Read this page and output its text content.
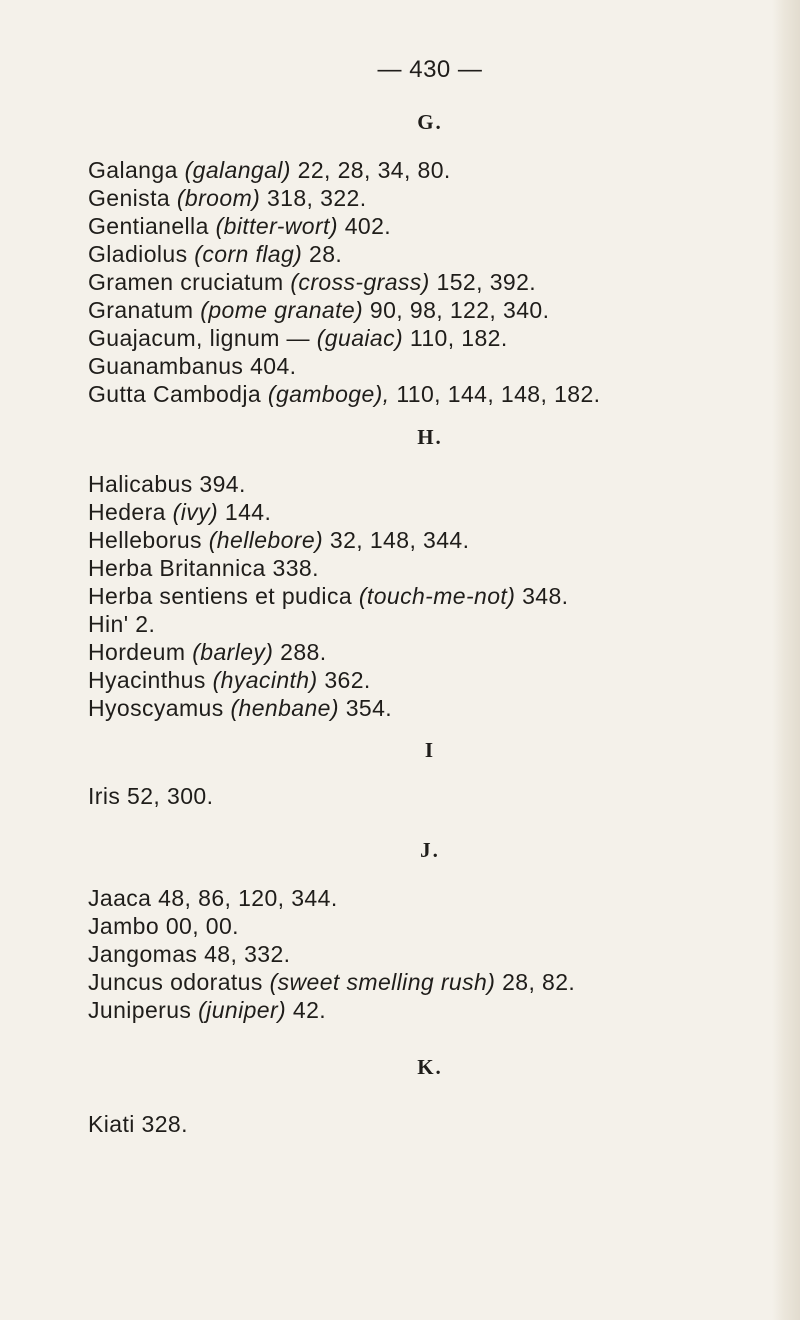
— 430 —
G.
Galanga (galangal) 22, 28, 34, 80.
Genista (broom) 318, 322.
Gentianella (bitter-wort) 402.
Gladiolus (corn flag) 28.
Gramen cruciatum (cross-grass) 152, 392.
Granatum (pome granate) 90, 98, 122, 340.
Guajacum, lignum — (guaiac) 110, 182.
Guanambanus 404.
Gutta Cambodja (gamboge), 110, 144, 148, 182.
H.
Halicabus 394.
Hedera (ivy) 144.
Helleborus (hellebore) 32, 148, 344.
Herba Britannica 338.
Herba sentiens et pudica (touch-me-not) 348.
Hin' 2.
Hordeum (barley) 288.
Hyacinthus (hyacinth) 362.
Hyoscyamus (henbane) 354.
I
Iris 52, 300.
J.
Jaaca 48, 86, 120, 344.
Jambo 00, 00.
Jangomas 48, 332.
Juncus odoratus (sweet smelling rush) 28, 82.
Juniperus (juniper) 42.
K.
Kiati 328.
